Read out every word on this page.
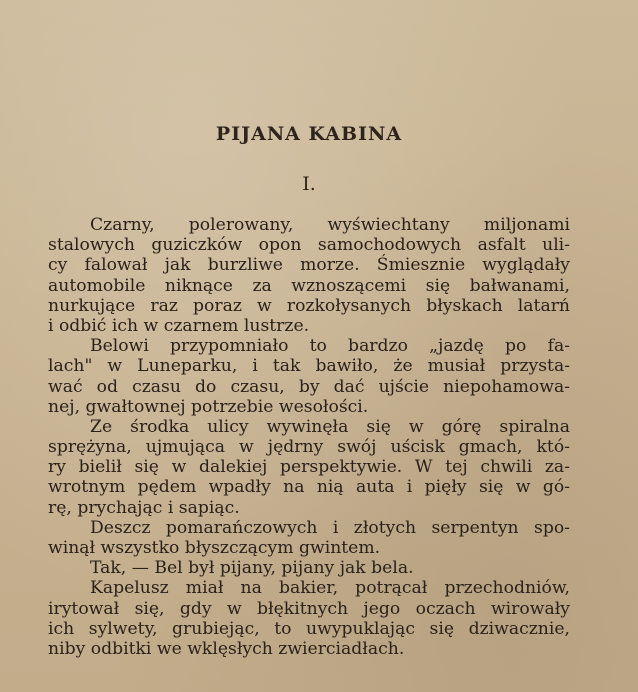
PIJANA KABINA
I.
Czarny, polerowany, wyświechtany miljonami
stalowych guziczków opon samochodowych asfalt uli-
cy falował jak burzliwe morze. Śmiesznie wyglądały
automobile niknące za wznoszącemi się bałwanami,
nurkujące raz poraz w rozkołysanych błyskach latarń
i odbić ich w czarnem lustrze.
Belowi przypomniało to bardzo „jazdę po fa-
lach" w Luneparku, i tak bawiło, że musiał przysta-
wać od czasu do czasu, by dać ujście niepohamowa-
nej, gwałtownej potrzebie wesołości.
Ze środka ulicy wywinęła się w górę spiralna
sprężyna, ujmująca w jędrny swój uścisk gmach, któ-
ry bielił się w dalekiej perspektywie. W tej chwili za-
wrotnym pędem wpadły na nią auta i pięły się w gó-
rę, prychając i sapiąc.
Deszcz pomarańczowych i złotych serpentyn spo-
winął wszystko błyszczącym gwintem.
Tak, — Bel był pijany, pijany jak bela.
Kapelusz miał na bakier, potrącał przechodniów,
irytował się, gdy w błękitnych jego oczach wirowały
ich sylwety, grubiejąc, to uwypuklając się dziwacznie,
niby odbitki we wklęsłych zwierciadłach.
